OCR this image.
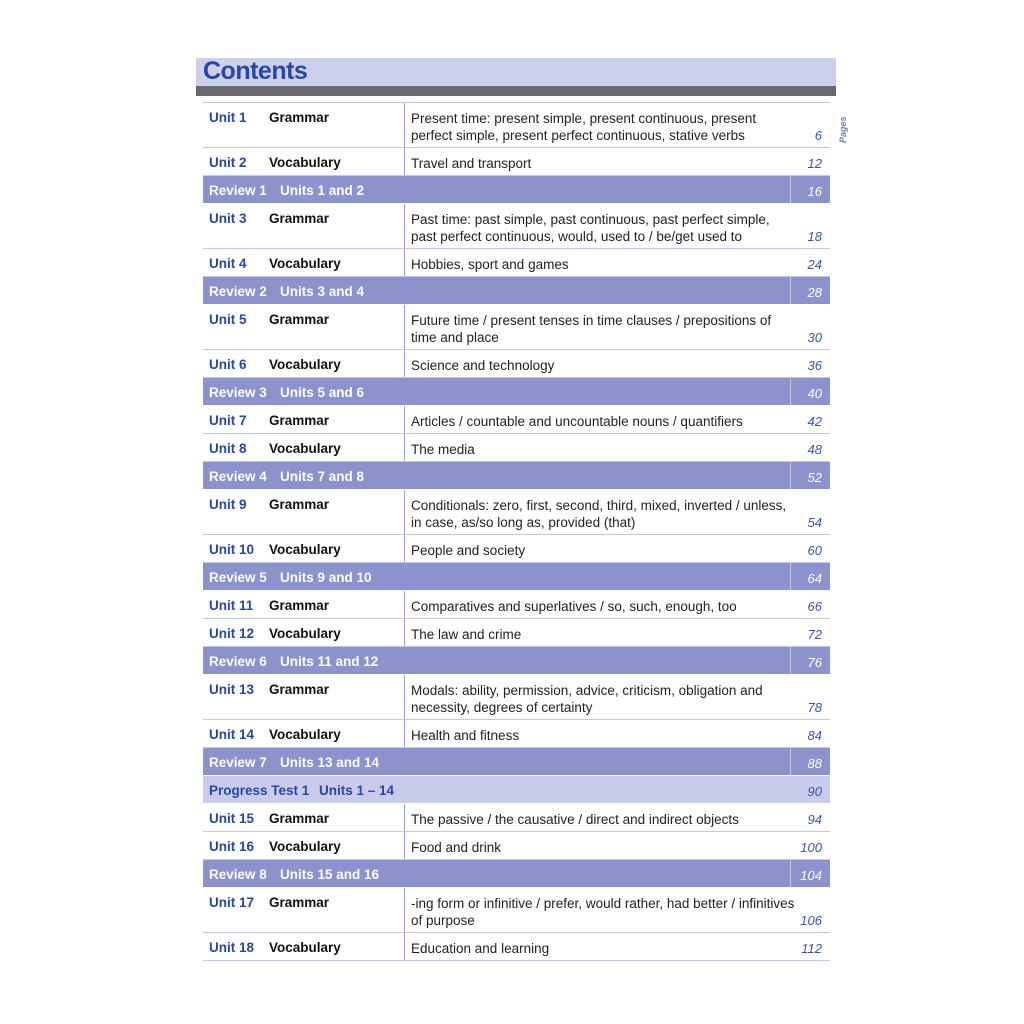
Contents
Pages
Unit 1 Grammar	Present time: present simple, present continuous, present perfect simple, present perfect continuous, stative verbs	6
Unit 2 Vocabulary	Travel and transport	12
Review 1 Units 1 and 2	16
Unit 3 Grammar	Past time: past simple, past continuous, past perfect simple, past perfect continuous, would, used to / be/get used to	18
Unit 4 Vocabulary	Hobbies, sport and games	24
Review 2 Units 3 and 4	28
Unit 5 Grammar	Future time / present tenses in time clauses / prepositions of time and place	30
Unit 6 Vocabulary	Science and technology	36
Review 3 Units 5 and 6	40
Unit 7 Grammar	Articles / countable and uncountable nouns / quantifiers	42
Unit 8 Vocabulary	The media	48
Review 4 Units 7 and 8	52
Unit 9 Grammar	Conditionals: zero, first, second, third, mixed, inverted / unless, in case, as/so long as, provided (that)	54
Unit 10 Vocabulary	People and society	60
Review 5 Units 9 and 10	64
Unit 11 Grammar	Comparatives and superlatives / so, such, enough, too	66
Unit 12 Vocabulary	The law and crime	72
Review 6 Units 11 and 12	76
Unit 13 Grammar	Modals: ability, permission, advice, criticism, obligation and necessity, degrees of certainty	78
Unit 14 Vocabulary	Health and fitness	84
Review 7 Units 13 and 14	88
Progress Test 1 Units 1 – 14	90
Unit 15 Grammar	The passive / the causative / direct and indirect objects	94
Unit 16 Vocabulary	Food and drink	100
Review 8 Units 15 and 16	104
Unit 17 Grammar	-ing form or infinitive / prefer, would rather, had better / infinitives of purpose	106
Unit 18 Vocabulary	Education and learning	112
